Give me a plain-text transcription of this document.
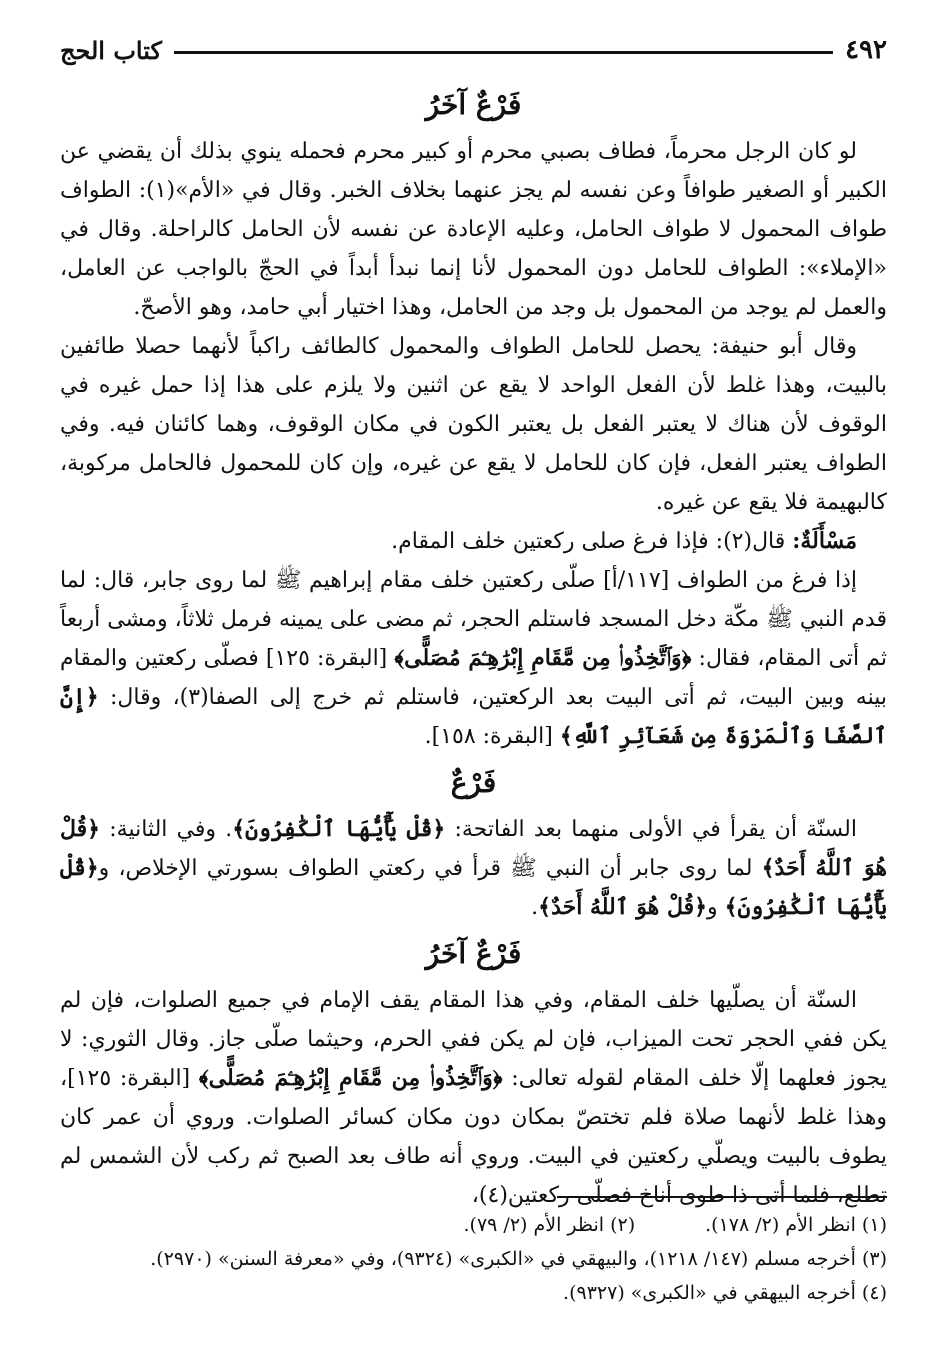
٤٩٢
كتاب الحج
فَرْعٌ آخَرُ

لو كان الرجل محرماً، فطاف بصبي محرم أو كبير محرم فحمله ينوي بذلك أن يقضي عن الكبير أو الصغير طوافاً وعن نفسه لم يجز عنهما بخلاف الخبر. وقال في «الأم»(١): الطواف طواف المحمول لا طواف الحامل، وعليه الإعادة عن نفسه لأن الحامل كالراحلة. وقال في «الإملاء»: الطواف للحامل دون المحمول لأنا إنما نبدأ أبداً في الحجّ بالواجب عن العامل، والعمل لم يوجد من المحمول بل وجد من الحامل، وهذا اختيار أبي حامد، وهو الأصحّ.

وقال أبو حنيفة: يحصل للحامل الطواف والمحمول كالطائف راكباً لأنهما حصلا طائفين بالبيت، وهذا غلط لأن الفعل الواحد لا يقع عن اثنين ولا يلزم على هذا إذا حمل غيره في الوقوف لأن هناك لا يعتبر الفعل بل يعتبر الكون في مكان الوقوف، وهما كائنان فيه. وفي الطواف يعتبر الفعل، فإن كان للحامل لا يقع عن غيره، وإن كان للمحمول فالحامل مركوبة، كالبهيمة فلا يقع عن غيره.

مَسْأَلَةٌ: قال(٢): فإذا فرغ صلى ركعتين خلف المقام.

إذا فرغ من الطواف [١١٧/أ] صلّى ركعتين خلف مقام إبراهيم ﷺ لما روى جابر، قال: لما قدم النبي ﷺ مكّة دخل المسجد فاستلم الحجر، ثم مضى على يمينه فرمل ثلاثاً، ومشى أربعاً ثم أتى المقام، فقال: ﴿وَٱتَّخِذُوا۟ مِن مَّقَامِ إِبْرَٰهِـۧمَ مُصَلًّى﴾ [البقرة: ١٢٥] فصلّى ركعتين والمقام بينه وبين البيت، ثم أتى البيت بعد الركعتين، فاستلم ثم خرج إلى الصفا(٣)، وقال: ﴿إِنَّ ٱلصَّفَا وَٱلْمَرْوَةَ مِن شَعَآئِرِ ٱللَّهِ﴾ [البقرة: ١٥٨].

فَرْعٌ

السنّة أن يقرأ في الأولى منهما بعد الفاتحة: ﴿قُلْ يَٰٓأَيُّهَا ٱلْكَٰفِرُونَ﴾. وفي الثانية: ﴿قُلْ هُوَ ٱللَّهُ أَحَدٌ﴾ لما روى جابر أن النبي ﷺ قرأ في ركعتي الطواف بسورتي الإخلاص، و﴿قُلْ يَٰٓأَيُّهَا ٱلْكَٰفِرُونَ﴾ و﴿قُلْ هُوَ ٱللَّهُ أَحَدٌ﴾.

فَرْعٌ آخَرُ

السنّة أن يصلّيها خلف المقام، وفي هذا المقام يقف الإمام في جميع الصلوات، فإن لم يكن ففي الحجر تحت الميزاب، فإن لم يكن ففي الحرم، وحيثما صلّى جاز. وقال الثوري: لا يجوز فعلهما إلّا خلف المقام لقوله تعالى: ﴿وَٱتَّخِذُوا۟ مِن مَّقَامِ إِبْرَٰهِـۧمَ مُصَلًّى﴾ [البقرة: ١٢٥]، وهذا غلط لأنهما صلاة فلم تختصّ بمكان دون مكان كسائر الصلوات. وروي أن عمر كان يطوف بالبيت ويصلّي ركعتين في البيت. وروي أنه طاف بعد الصبح ثم ركب لأن الشمس لم تطلع، فلما أتى ذا طوى أناخ فصلّى ركعتين(٤)،

(١) انظر الأم (٢/ ١٧٨).
(٢) انظر الأم (٢/ ٧٩).
(٣) أخرجه مسلم (١٤٧/ ١٢١٨)، والبيهقي في «الكبرى» (٩٣٢٤)، وفي «معرفة السنن» (٢٩٧٠).
(٤) أخرجه البيهقي في «الكبرى» (٩٣٢٧).
